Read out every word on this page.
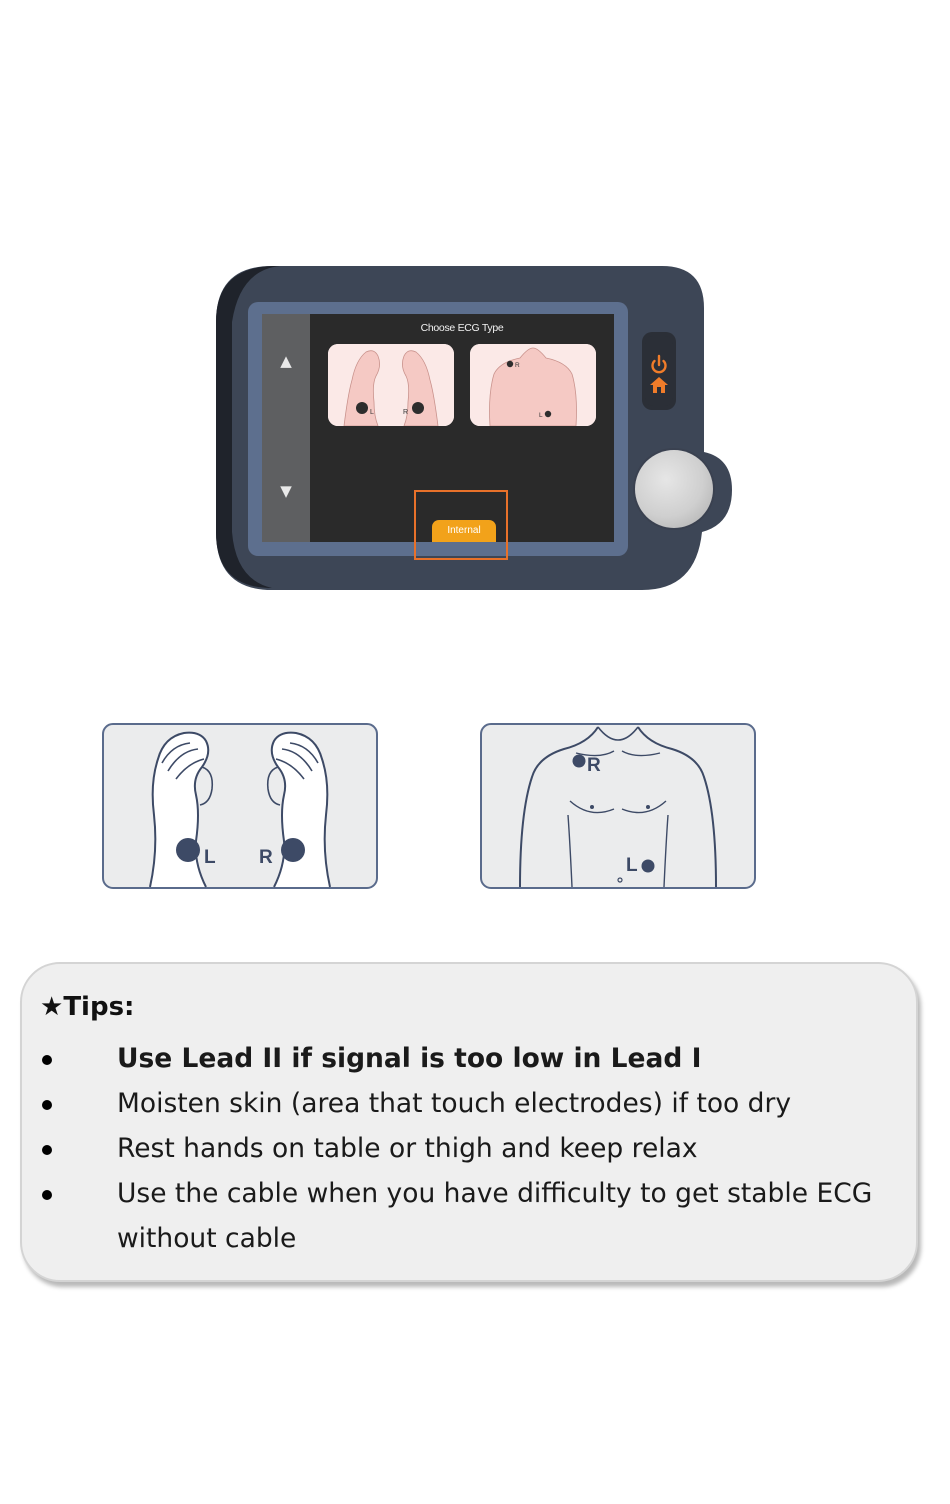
▲
▼
Choose ECG Type
L	R
R
L
Internal
L R
R
L
★Tips:
Use Lead II if signal is too low in Lead I
Moisten skin (area that touch electrodes) if too dry
Rest hands on table or thigh and keep relax
Use the cable when you have difficulty to get stable ECG without cable
